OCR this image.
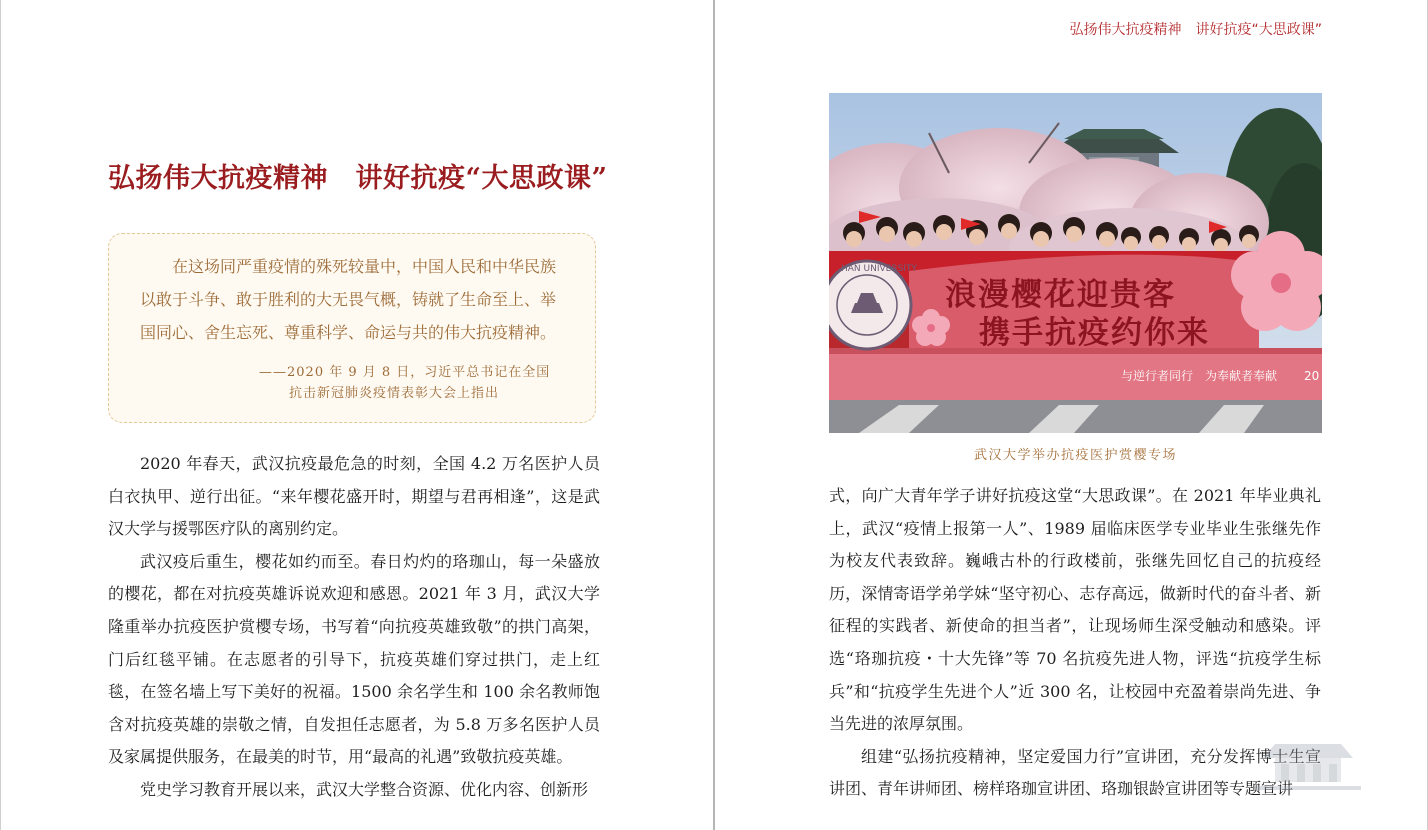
弘扬伟大抗疫精神　讲好抗疫“大思政课”
在这场同严重疫情的殊死较量中，中国人民和中华民族以敢于斗争、敢于胜利的大无畏气概，铸就了生命至上、举国同心、舍生忘死、尊重科学、命运与共的伟大抗疫精神。
——2020 年 9 月 8 日，习近平总书记在全国
抗击新冠肺炎疫情表彰大会上指出

2020 年春天，武汉抗疫最危急的时刻，全国 4.2 万名医护人员白衣执甲、逆行出征。“来年樱花盛开时，期望与君再相逢”，这是武汉大学与援鄂医疗队的离别约定。

武汉疫后重生，樱花如约而至。春日灼灼的珞珈山，每一朵盛放的樱花，都在对抗疫英雄诉说欢迎和感恩。2021 年 3 月，武汉大学隆重举办抗疫医护赏樱专场，书写着“向抗疫英雄致敬”的拱门高架，门后红毯平铺。在志愿者的引导下，抗疫英雄们穿过拱门，走上红毯，在签名墙上写下美好的祝福。1500 余名学生和 100 余名教师饱含对抗疫英雄的崇敬之情，自发担任志愿者，为 5.8 万多名医护人员及家属提供服务，在最美的时节，用“最高的礼遇”致敬抗疫英雄。

党史学习教育开展以来，武汉大学整合资源、优化内容、创新形

弘扬伟大抗疫精神 讲好抗疫“大思政课”
HAN UNIVERSITY
浪漫樱花迎贵客
携手抗疫约你来
与逆行者同行　为奉献者奉献 20
武汉大学举办抗疫医护赏樱专场

式，向广大青年学子讲好抗疫这堂“大思政课”。在 2021 年毕业典礼上，武汉“疫情上报第一人”、1989 届临床医学专业毕业生张继先作为校友代表致辞。巍峨古朴的行政楼前，张继先回忆自己的抗疫经历，深情寄语学弟学妹“坚守初心、志存高远，做新时代的奋斗者、新征程的实践者、新使命的担当者”，让现场师生深受触动和感染。评选“珞珈抗疫・十大先锋”等 70 名抗疫先进人物，评选“抗疫学生标兵”和“抗疫学生先进个人”近 300 名，让校园中充盈着崇尚先进、争当先进的浓厚氛围。

组建“弘扬抗疫精神，坚定爱国力行”宣讲团，充分发挥博士生宣讲团、青年讲师团、榜样珞珈宣讲团、珞珈银龄宣讲团等专题宣讲
